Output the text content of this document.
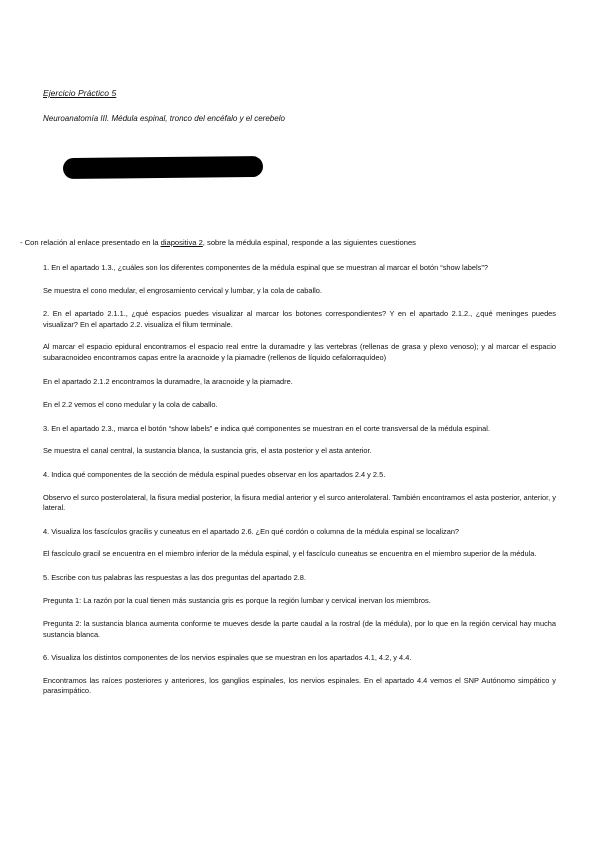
Ejercicio Práctico 5
Neuroanatomía III. Médula espinal, tronco del encéfalo y el cerebelo
- Con relación al enlace presentado en la diapositiva 2, sobre la médula espinal, responde a las siguientes cuestiones

1. En el apartado 1.3., ¿cuáles son los diferentes componentes de la médula espinal que se muestran al marcar el botón “show labels”?

Se muestra el cono medular, el engrosamiento cervical y lumbar, y la cola de caballo.

2. En el apartado 2.1.1., ¿qué espacios puedes visualizar al marcar los botones correspondientes? Y en el apartado 2.1.2., ¿qué meninges puedes visualizar? En el apartado 2.2. visualiza el filum terminale.

Al marcar el espacio epidural encontramos el espacio real entre la duramadre y las vertebras (rellenas de grasa y plexo venoso); y al marcar el espacio subaracnoideo encontramos capas entre la aracnoide y la piamadre (rellenos de líquido cefalorraquídeo)

En el apartado 2.1.2 encontramos la duramadre, la aracnoide y la piamadre.

En el 2.2 vemos el cono medular y la cola de caballo.

3. En el apartado 2.3., marca el botón “show labels” e indica qué componentes se muestran en el corte transversal de la médula espinal.

Se muestra el canal central, la sustancia blanca, la sustancia gris, el asta posterior y el asta anterior.

4. Indica qué componentes de la sección de médula espinal puedes observar en los apartados 2.4 y 2.5.

Observo el surco posterolateral, la fisura medial posterior, la fisura medial anterior y el surco anterolateral. También encontramos el asta posterior, anterior, y lateral.

4. Visualiza los fascículos gracilis y cuneatus en el apartado 2.6. ¿En qué cordón o columna de la médula espinal se localizan?

El fascículo gracil se encuentra en el miembro inferior de la médula espinal, y el fascículo cuneatus se encuentra en el miembro superior de la médula.

5. Escribe con tus palabras las respuestas a las dos preguntas del apartado 2.8.

Pregunta 1: La razón por la cual tienen más sustancia gris es porque la región lumbar y cervical inervan los miembros.

Pregunta 2: la sustancia blanca aumenta conforme te mueves desde la parte caudal a la rostral (de la médula), por lo que en la región cervical hay mucha sustancia blanca.

6. Visualiza los distintos componentes de los nervios espinales que se muestran en los apartados 4.1, 4.2, y 4.4.

Encontramos las raíces posteriores y anteriores, los ganglios espinales, los nervios espinales. En el apartado 4.4 vemos el SNP Autónomo simpático y parasimpático.
